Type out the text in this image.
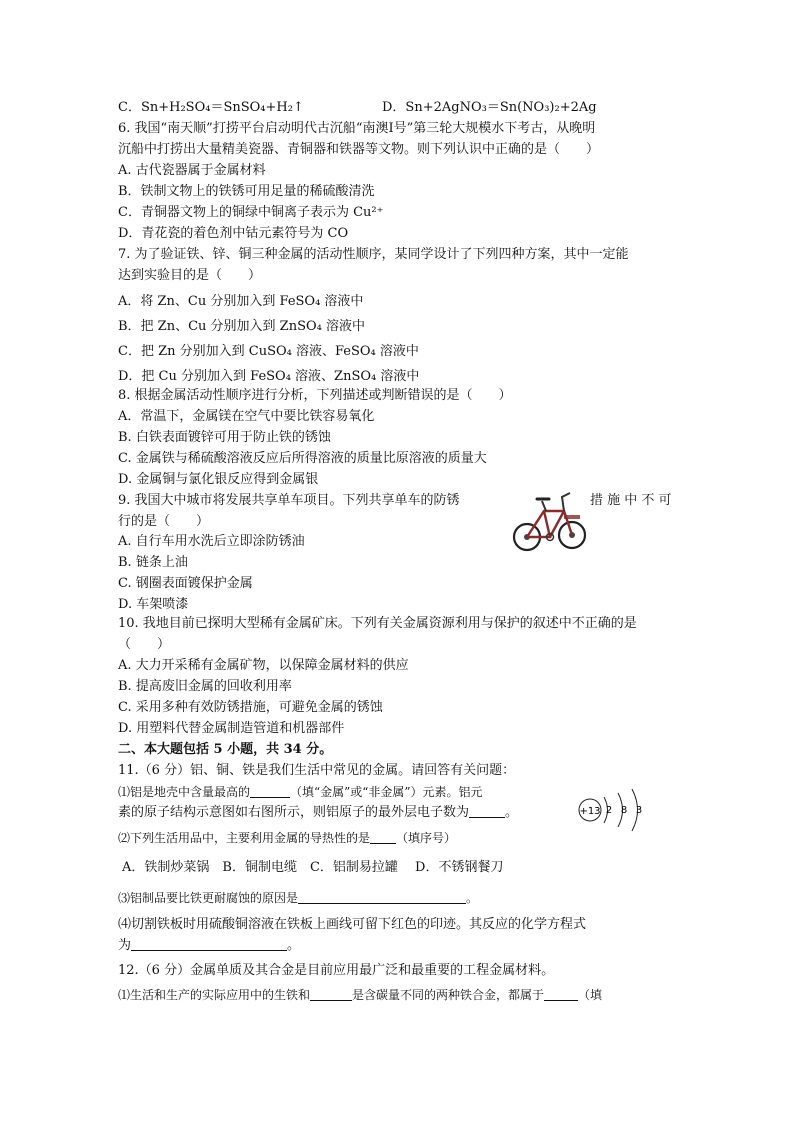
C．Sn+H₂SO₄＝SnSO₄+H₂↑	D．Sn+2AgNO₃＝Sn(NO₃)₂+2Ag
6. 我国“南天顺”打捞平台启动明代古沉船“南澳Ⅰ号”第三轮大规模水下考古，从晚明
沉船中打捞出大量精美瓷器、青铜器和铁器等文物。则下列认识中正确的是（　　）
A. 古代瓷器属于金属材料
B．铁制文物上的铁锈可用足量的稀硫酸清洗
C．青铜器文物上的铜绿中铜离子表示为 Cu²⁺
D．青花瓷的着色剂中钴元素符号为 CO
7. 为了验证铁、锌、铜三种金属的活动性顺序，某同学设计了下列四种方案，其中一定能
达到实验目的是（　　）
A．将 Zn、Cu 分别加入到 FeSO₄ 溶液中
B．把 Zn、Cu 分别加入到 ZnSO₄ 溶液中
C．把 Zn 分别加入到 CuSO₄ 溶液、FeSO₄ 溶液中
D．把 Cu 分别加入到 FeSO₄ 溶液、ZnSO₄ 溶液中
8. 根据金属活动性顺序进行分析，下列描述或判断错误的是（　　）
A．常温下，金属镁在空气中要比铁容易氧化
B. 白铁表面镀锌可用于防止铁的锈蚀
C. 金属铁与稀硫酸溶液反应后所得溶液的质量比原溶液的质量大
D. 金属铜与氯化银反应得到金属银
9. 我国大中城市将发展共享单车项目。下列共享单车的防锈	措 施 中 不 可
行的是（　　）
A. 自行车用水洗后立即涂防锈油
B. 链条上油
C. 钢圈表面镀保护金属
D. 车架喷漆
10. 我地目前已探明大型稀有金属矿床。下列有关金属资源利用与保护的叙述中不正确的是
（　　）
A. 大力开采稀有金属矿物，以保障金属材料的供应
B. 提高废旧金属的回收利用率
C. 采用多种有效防锈措施，可避免金属的锈蚀
D. 用塑料代替金属制造管道和机器部件
二、本大题包括 5 小题，共 34 分。
11.（6 分）铝、铜、铁是我们生活中常见的金属。请回答有关问题：
⑴铝是地壳中含量最高的	（填“金属”或“非金属”）元素。铝元
素的原子结构示意图如右图所示，则铝原子的最外层电子数为	。	+13 2 8 3
⑵下列生活用品中，主要利用金属的导热性的是 （填序号）
A．铁制炒菜锅　B．铜制电缆　C．铝制易拉罐　 D．不锈钢餐刀
⑶铝制品要比铁更耐腐蚀的原因是	。
⑷切割铁板时用硫酸铜溶液在铁板上画线可留下红色的印迹。其反应的化学方程式
为	。
12.（6 分）金属单质及其合金是目前应用最广泛和最重要的工程金属材料。
⑴生活和生产的实际应用中的生铁和	是含碳量不同的两种铁合金，都属于	（填
